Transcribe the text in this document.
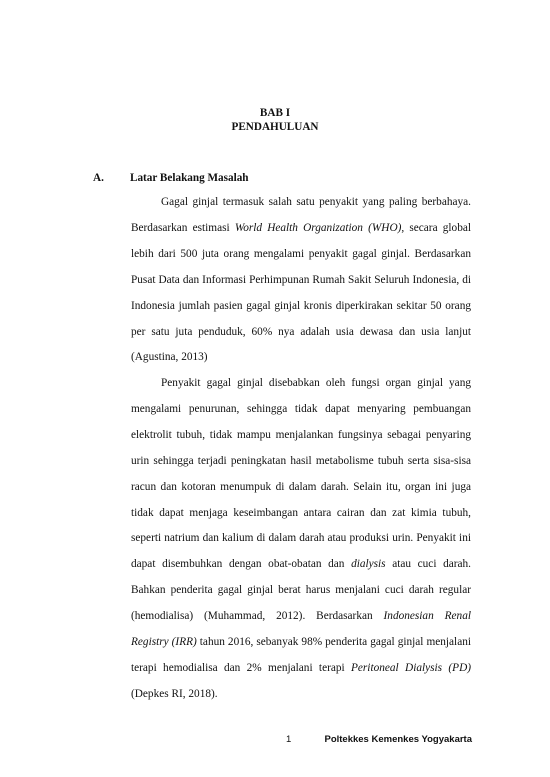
BAB I
PENDAHULUAN
A. Latar Belakang Masalah

Gagal ginjal termasuk salah satu penyakit yang paling berbahaya. Berdasarkan estimasi World Health Organization (WHO), secara global lebih dari 500 juta orang mengalami penyakit gagal ginjal. Berdasarkan Pusat Data dan Informasi Perhimpunan Rumah Sakit Seluruh Indonesia, di Indonesia jumlah pasien gagal ginjal kronis diperkirakan sekitar 50 orang per satu juta penduduk, 60% nya adalah usia dewasa dan usia lanjut (Agustina, 2013)

Penyakit gagal ginjal disebabkan oleh fungsi organ ginjal yang mengalami penurunan, sehingga tidak dapat menyaring pembuangan elektrolit tubuh, tidak mampu menjalankan fungsinya sebagai penyaring urin sehingga terjadi peningkatan hasil metabolisme tubuh serta sisa-sisa racun dan kotoran menumpuk di dalam darah. Selain itu, organ ini juga tidak dapat menjaga keseimbangan antara cairan dan zat kimia tubuh, seperti natrium dan kalium di dalam darah atau produksi urin. Penyakit ini dapat disembuhkan dengan obat-obatan dan dialysis atau cuci darah. Bahkan penderita gagal ginjal berat harus menjalani cuci darah regular (hemodialisa) (Muhammad, 2012). Berdasarkan Indonesian Renal Registry (IRR) tahun 2016, sebanyak 98% penderita gagal ginjal menjalani terapi hemodialisa dan 2% menjalani terapi Peritoneal Dialysis (PD) (Depkes RI, 2018).

1	Poltekkes Kemenkes Yogyakarta
